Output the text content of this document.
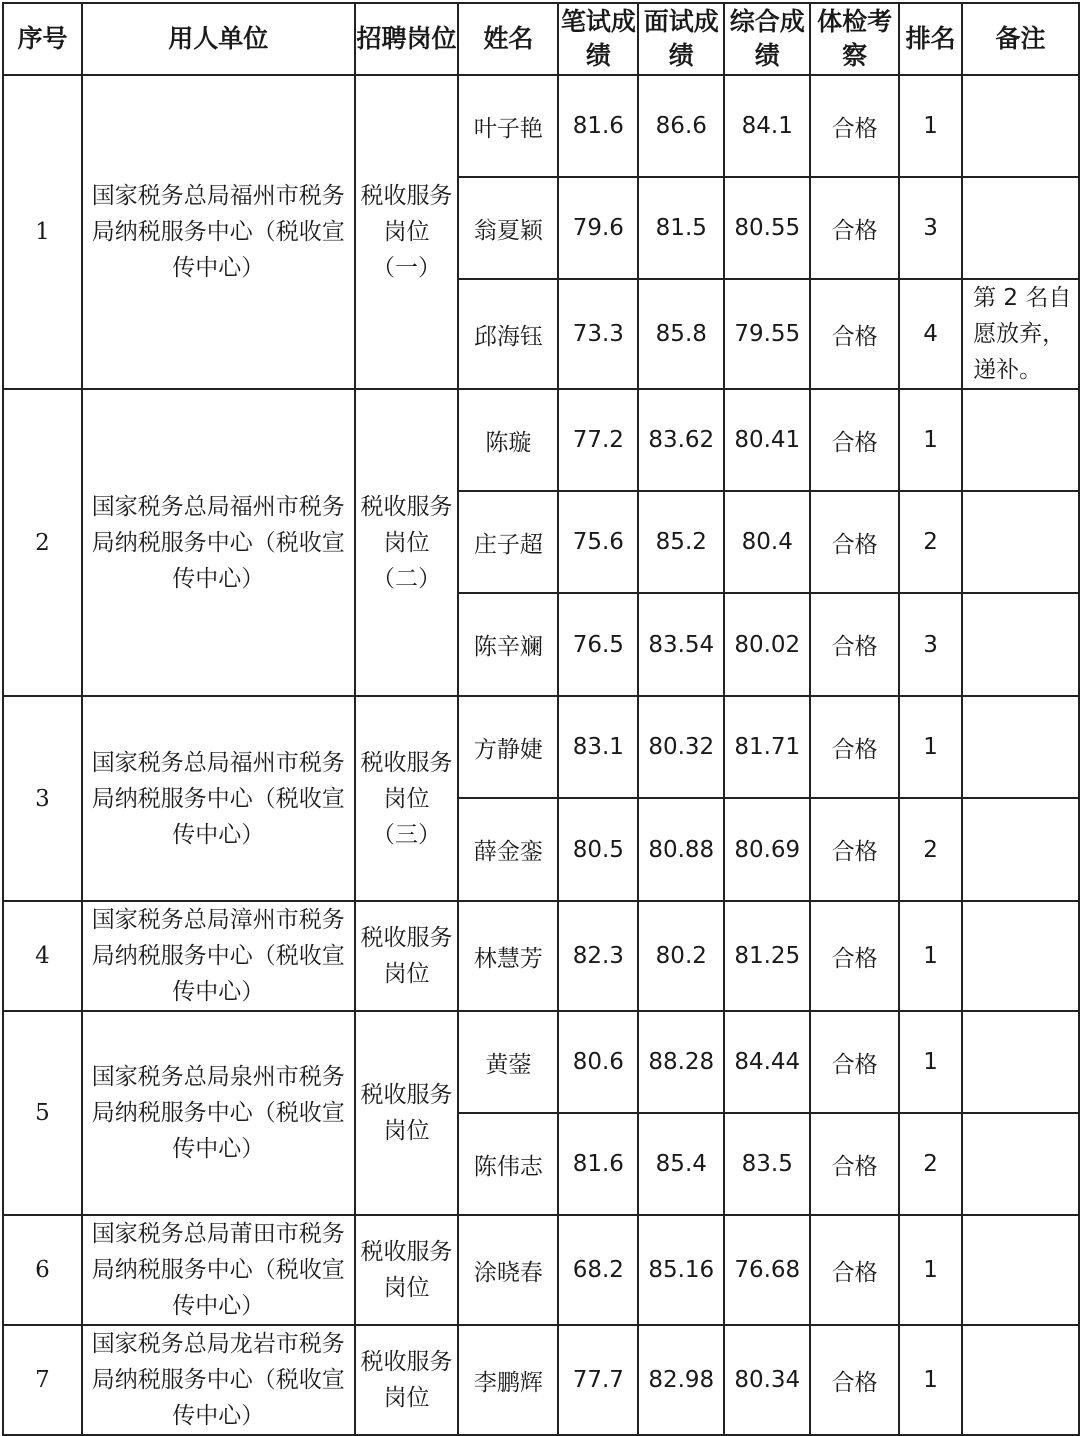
序号	用人单位	招聘岗位	姓名	笔试成绩	面试成绩	综合成绩	体检考察	排名	备注
1	国家税务总局福州市税务局纳税服务中心（税收宣传中心）	税收服务岗位（一）	叶子艳	81.6	86.6	84.1	合格	1	
			翁夏颖	79.6	81.5	80.55	合格	3	
			邱海钰	73.3	85.8	79.55	合格	4	第 2 名自愿放弃，递补。
2	国家税务总局福州市税务局纳税服务中心（税收宣传中心）	税收服务岗位（二）	陈璇	77.2	83.62	80.41	合格	1	
			庄子超	75.6	85.2	80.4	合格	2	
			陈辛斓	76.5	83.54	80.02	合格	3	
3	国家税务总局福州市税务局纳税服务中心（税收宣传中心）	税收服务岗位（三）	方静婕	83.1	80.32	81.71	合格	1	
			薛金銮	80.5	80.88	80.69	合格	2	
4	国家税务总局漳州市税务局纳税服务中心（税收宣传中心）	税收服务岗位	林慧芳	82.3	80.2	81.25	合格	1	
5	国家税务总局泉州市税务局纳税服务中心（税收宣传中心）	税收服务岗位	黄蓥	80.6	88.28	84.44	合格	1	
			陈伟志	81.6	85.4	83.5	合格	2	
6	国家税务总局莆田市税务局纳税服务中心（税收宣传中心）	税收服务岗位	涂晓春	68.2	85.16	76.68	合格	1	
7	国家税务总局龙岩市税务局纳税服务中心（税收宣传中心）	税收服务岗位	李鹏辉	77.7	82.98	80.34	合格	1	
